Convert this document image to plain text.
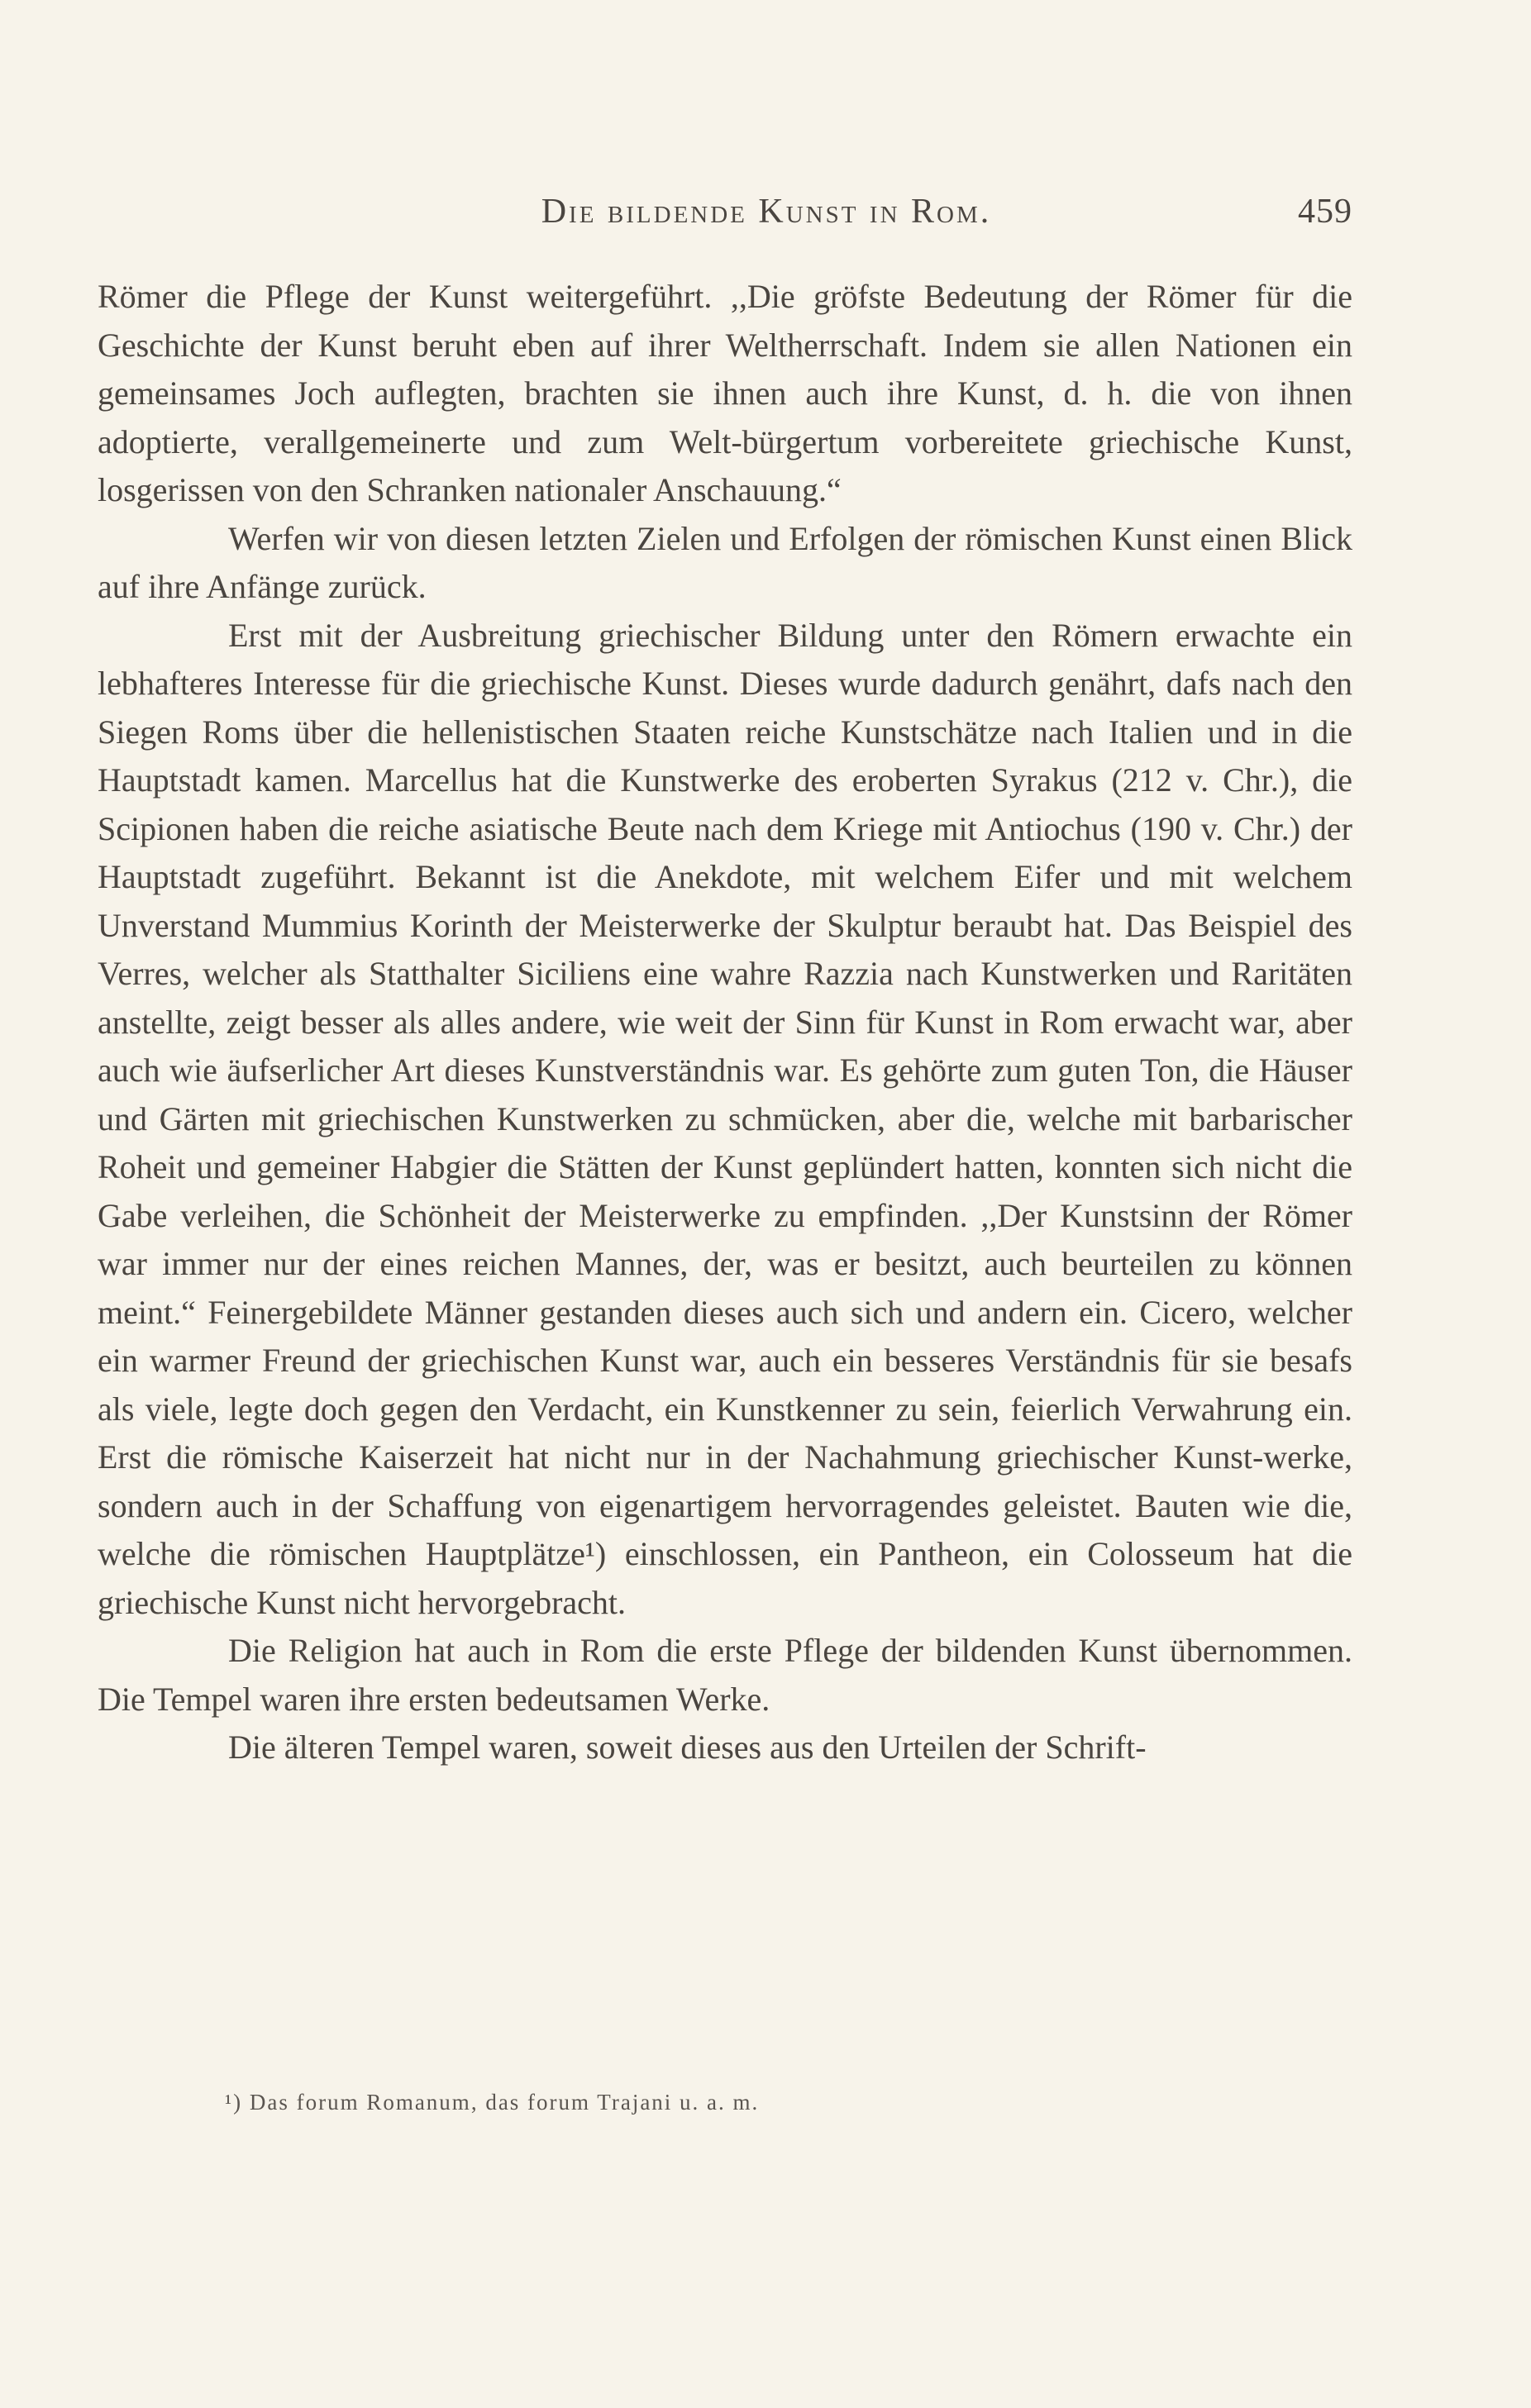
Die bildende Kunst in Rom.	459

Römer die Pflege der Kunst weitergeführt. ,,Die gröfste Bedeutung der Römer für die Geschichte der Kunst beruht eben auf ihrer Weltherrschaft. Indem sie allen Nationen ein gemeinsames Joch auflegten, brachten sie ihnen auch ihre Kunst, d. h. die von ihnen adoptierte, verallgemeinerte und zum Welt-bürgertum vorbereitete griechische Kunst, losgerissen von den Schranken nationaler Anschauung.“

Werfen wir von diesen letzten Zielen und Erfolgen der römischen Kunst einen Blick auf ihre Anfänge zurück.

Erst mit der Ausbreitung griechischer Bildung unter den Römern erwachte ein lebhafteres Interesse für die griechische Kunst. Dieses wurde dadurch genährt, dafs nach den Siegen Roms über die hellenistischen Staaten reiche Kunstschätze nach Italien und in die Hauptstadt kamen. Marcellus hat die Kunstwerke des eroberten Syrakus (212 v. Chr.), die Scipionen haben die reiche asiatische Beute nach dem Kriege mit Antiochus (190 v. Chr.) der Hauptstadt zugeführt. Bekannt ist die Anekdote, mit welchem Eifer und mit welchem Unverstand Mummius Korinth der Meisterwerke der Skulptur beraubt hat. Das Beispiel des Verres, welcher als Statthalter Siciliens eine wahre Razzia nach Kunstwerken und Raritäten anstellte, zeigt besser als alles andere, wie weit der Sinn für Kunst in Rom erwacht war, aber auch wie äufserlicher Art dieses Kunstverständnis war. Es gehörte zum guten Ton, die Häuser und Gärten mit griechischen Kunstwerken zu schmücken, aber die, welche mit barbarischer Roheit und gemeiner Habgier die Stätten der Kunst geplündert hatten, konnten sich nicht die Gabe verleihen, die Schönheit der Meisterwerke zu empfinden. ,,Der Kunstsinn der Römer war immer nur der eines reichen Mannes, der, was er besitzt, auch beurteilen zu können meint.“ Feinergebildete Männer gestanden dieses auch sich und andern ein. Cicero, welcher ein warmer Freund der griechischen Kunst war, auch ein besseres Verständnis für sie besafs als viele, legte doch gegen den Verdacht, ein Kunstkenner zu sein, feierlich Verwahrung ein. Erst die römische Kaiserzeit hat nicht nur in der Nachahmung griechischer Kunst-werke, sondern auch in der Schaffung von eigenartigem hervorragendes geleistet. Bauten wie die, welche die römischen Hauptplätze¹) einschlossen, ein Pantheon, ein Colosseum hat die griechische Kunst nicht hervorgebracht.

Die Religion hat auch in Rom die erste Pflege der bildenden Kunst übernommen. Die Tempel waren ihre ersten bedeutsamen Werke.

Die älteren Tempel waren, soweit dieses aus den Urteilen der Schrift-

¹) Das forum Romanum, das forum Trajani u. a. m.
